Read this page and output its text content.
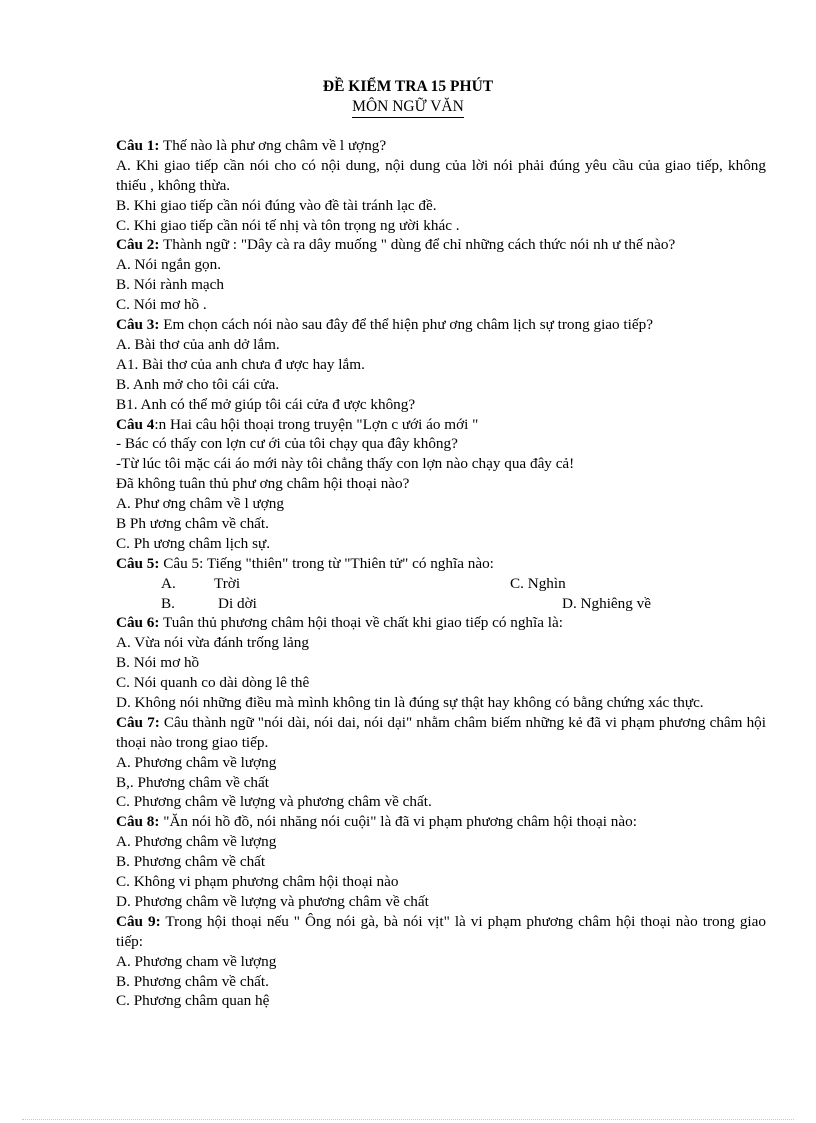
ĐỀ KIỂM TRA 15 PHÚT
MÔN NGỮ VĂN
Câu 1: Thế nào là phư ơng châm về l ượng?
A. Khi giao tiếp cần nói cho có nội dung, nội dung của lời nói phải đúng yêu cầu của giao tiếp, không thiếu , không thừa.
B. Khi giao tiếp cần nói đúng vào đề tài tránh lạc đề.
C. Khi giao tiếp cần nói tế nhị và tôn trọng ng ười khác .
Câu 2: Thành ngữ : "Dây cà ra dây muống " dùng để chỉ những cách thức nói nh ư thế nào?
A. Nói ngắn gọn.
B. Nói rành mạch
C. Nói mơ hồ .
Câu 3: Em chọn cách nói nào sau đây để thể hiện phư ơng châm lịch sự trong giao tiếp?
A. Bài thơ của anh dở lắm.
A1. Bài thơ của anh chưa đ ược hay lắm.
B. Anh mở cho tôi cái cửa.
B1. Anh có thể mở giúp tôi cái cửa đ ược không?
Câu 4:n Hai câu hội thoại trong truyện "Lợn c ưới áo mới "
- Bác có thấy con lợn cư ới của tôi chạy qua đây không?
-Từ lúc tôi mặc cái áo mới này tôi chẳng thấy con lợn nào chạy qua đây cả!
Đã không tuân thủ phư ơng châm hội thoại nào?
A. Phư ơng châm về l ượng
B Ph ương châm về chất.
C. Ph ương châm lịch sự.
Câu 5: Câu 5: Tiếng "thiên" trong từ "Thiên tử" có nghĩa nào:
A.	Trời	C. Nghìn
B.	Di dời	D. Nghiêng về
Câu 6: Tuân thủ phương châm hội thoại về chất khi giao tiếp có nghĩa là:
A. Vừa nói vừa đánh trống lảng
B. Nói mơ hồ
C. Nói quanh co dài dòng lê thê
D. Không nói những điều mà mình không tin là đúng sự thật hay không có bằng chứng xác thực.
Câu 7: Câu thành ngữ "nói dài, nói dai, nói dại" nhằm châm biếm những kẻ đã vi phạm phương châm hội thoại nào trong giao tiếp.
A. Phương châm về lượng
B,. Phương châm về chất
C. Phương châm về lượng và phương châm về chất.
Câu 8: "Ăn nói hồ đồ, nói nhăng nói cuội" là đã vi phạm phương châm hội thoại nào:
A. Phương châm về lượng
B. Phương châm về chất
C. Không vi phạm phương châm hội thoại nào
D. Phương châm về lượng và phương châm về chất
Câu 9: Trong hội thoại nếu " Ông nói gà, bà nói vịt" là vi phạm phương châm hội thoại nào trong giao tiếp:
A. Phương cham về lượng
B. Phương châm về chất.
C. Phương châm quan hệ
